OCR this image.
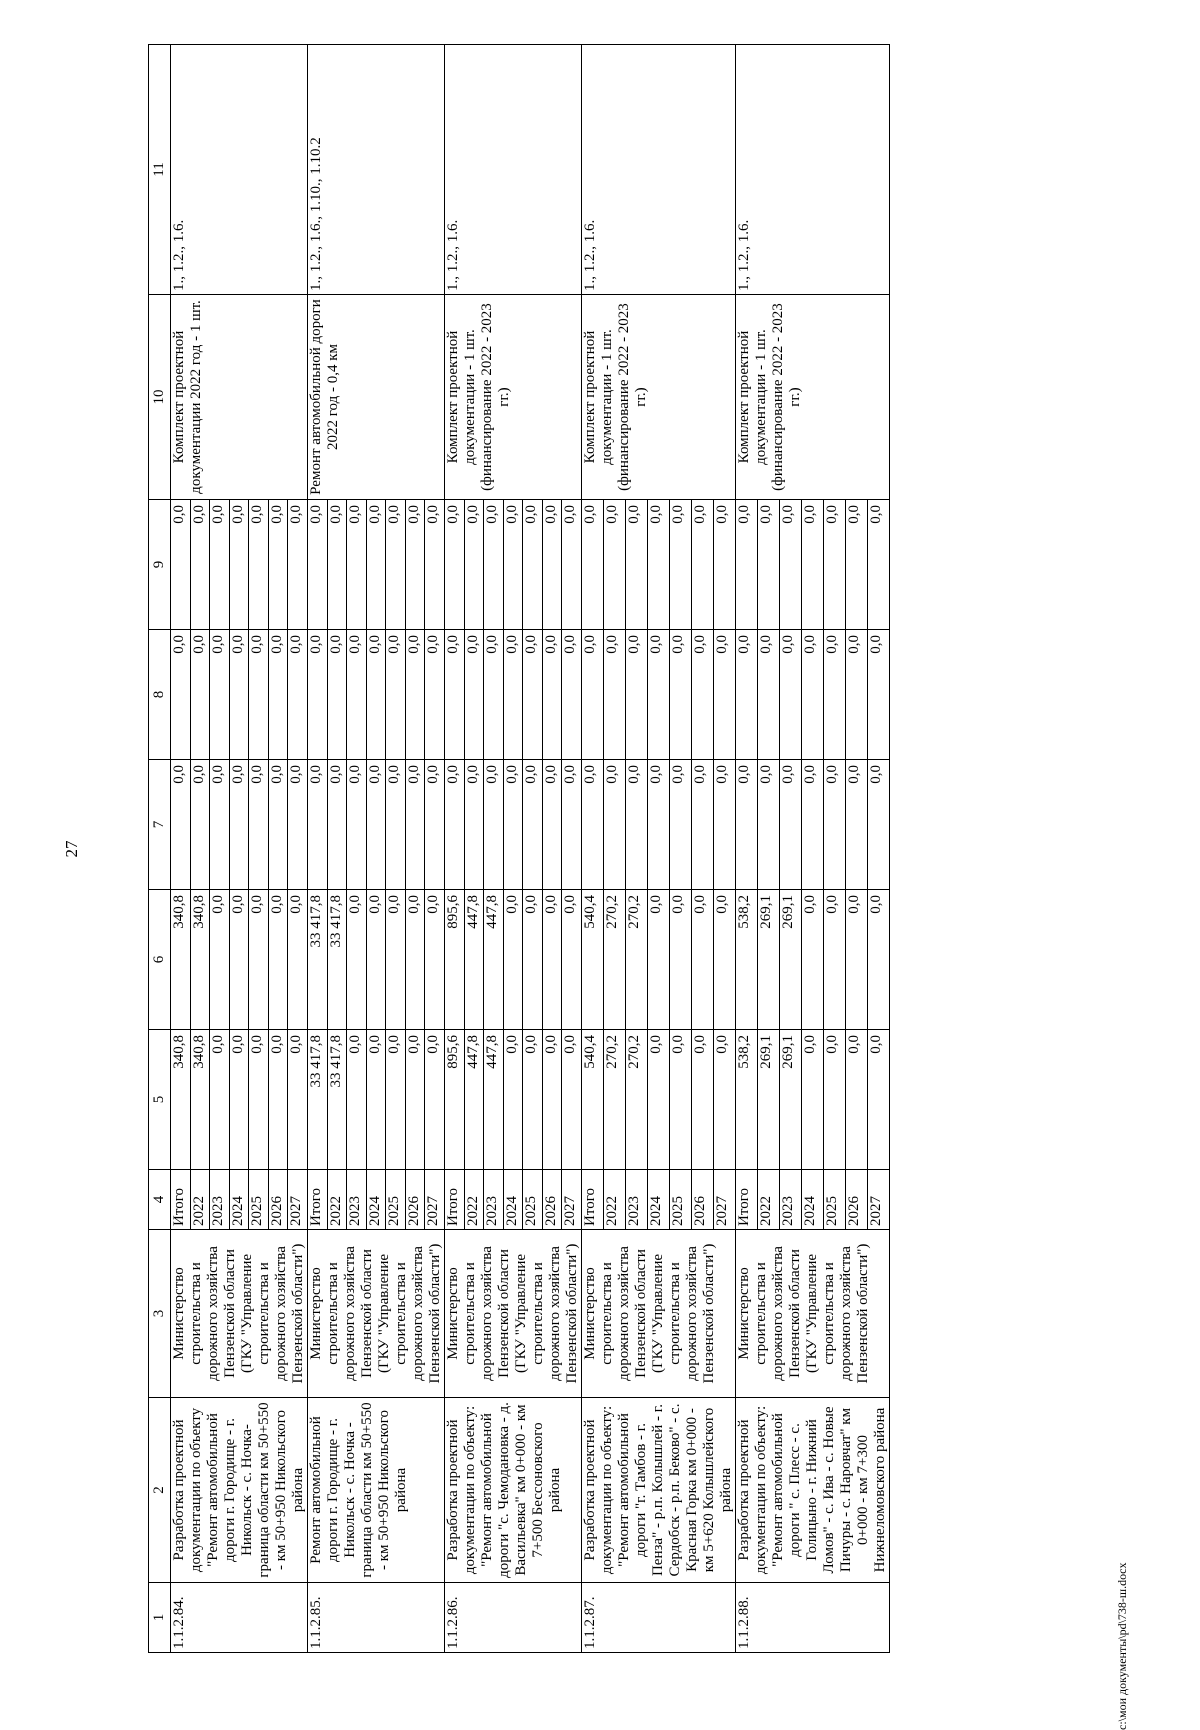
27
1	2	3	4	5	6	7	8	9	10	11
1.1.2.84.	Разработка проектной документации по объекту "Ремонт автомобильной дороги г. Городище - г. Никольск - с. Ночка-граница области км 50+550 - км 50+950 Никольского района	Министерство строительства и дорожного хозяйства Пензенской области (ГКУ "Управление строительства и дорожного хозяйства Пензенской области")	Итого	340,8	340,8	0,0	0,0	0,0	Комплект проектной документации 2022 год - 1 шт.	1., 1.2., 1.6.
			2022	340,8	340,8	0,0	0,0	0,0		
			2023	0,0	0,0	0,0	0,0	0,0		
			2024	0,0	0,0	0,0	0,0	0,0		
			2025	0,0	0,0	0,0	0,0	0,0		
			2026	0,0	0,0	0,0	0,0	0,0		
			2027	0,0	0,0	0,0	0,0	0,0		
1.1.2.85.	Ремонт автомобильной дороги г. Городище - г. Никольск - с. Ночка - граница области км 50+550 - км 50+950 Никольского района	Министерство строительства и дорожного хозяйства Пензенской области (ГКУ "Управление строительства и дорожного хозяйства Пензенской области")	Итого	33 417,8	33 417,8	0,0	0,0	0,0	Ремонт автомобильной дороги 2022 год - 0,4 км	1., 1.2., 1.6., 1.10., 1.10.2
			2022	33 417,8	33 417,8	0,0	0,0	0,0		
			2023	0,0	0,0	0,0	0,0	0,0		
			2024	0,0	0,0	0,0	0,0	0,0		
			2025	0,0	0,0	0,0	0,0	0,0		
			2026	0,0	0,0	0,0	0,0	0,0		
			2027	0,0	0,0	0,0	0,0	0,0		
1.1.2.86.	Разработка проектной документации по объекту: "Ремонт автомобильной дороги "с. Чемодановка - д. Васильевка" км 0+000 - км 7+500 Бессоновского района	Министерство строительства и дорожного хозяйства Пензенской области (ГКУ "Управление строительства и дорожного хозяйства Пензенской области")	Итого	895,6	895,6	0,0	0,0	0,0	Комплект проектной документации - 1 шт. (финансирование 2022 - 2023 гг.)	1., 1.2., 1.6.
			2022	447,8	447,8	0,0	0,0	0,0		
			2023	447,8	447,8	0,0	0,0	0,0		
			2024	0,0	0,0	0,0	0,0	0,0		
			2025	0,0	0,0	0,0	0,0	0,0		
			2026	0,0	0,0	0,0	0,0	0,0		
			2027	0,0	0,0	0,0	0,0	0,0		
1.1.2.87.	Разработка проектной документации по объекту: "Ремонт автомобильной дороги "г. Тамбов - г. Пенза" - р.п. Колышлей - г. Сердобск - р.п. Беково" - с. Красная Горка км 0+000 - км 5+620 Колышлейского района	Министерство строительства и дорожного хозяйства Пензенской области (ГКУ "Управление строительства и дорожного хозяйства Пензенской области")	Итого	540,4	540,4	0,0	0,0	0,0	Комплект проектной документации - 1 шт. (финансирование 2022 - 2023 гг.)	1., 1.2., 1.6.
			2022	270,2	270,2	0,0	0,0	0,0		
			2023	270,2	270,2	0,0	0,0	0,0		
			2024	0,0	0,0	0,0	0,0	0,0		
			2025	0,0	0,0	0,0	0,0	0,0		
			2026	0,0	0,0	0,0	0,0	0,0		
			2027	0,0	0,0	0,0	0,0	0,0		
1.1.2.88.	Разработка проектной документации по объекту: "Ремонт автомобильной дороги " с. Плесс - с. Голицыно - г. Нижний Ломов" - с. Ива - с. Новые Пичуры - с. Наровчат" км 0+000 - км 7+300 Нижнеломовского района	Министерство строительства и дорожного хозяйства Пензенской области (ГКУ "Управление строительства и дорожного хозяйства Пензенской области")	Итого	538,2	538,2	0,0	0,0	0,0	Комплект проектной документации - 1 шт. (финансирование 2022 - 2023 гг.)	1., 1.2., 1.6.
			2022	269,1	269,1	0,0	0,0	0,0		
			2023	269,1	269,1	0,0	0,0	0,0		
			2024	0,0	0,0	0,0	0,0	0,0		
			2025	0,0	0,0	0,0	0,0	0,0		
			2026	0,0	0,0	0,0	0,0	0,0		
			2027	0,0	0,0	0,0	0,0	0,0		
c:\мои документы\pd\738-ш.docx
